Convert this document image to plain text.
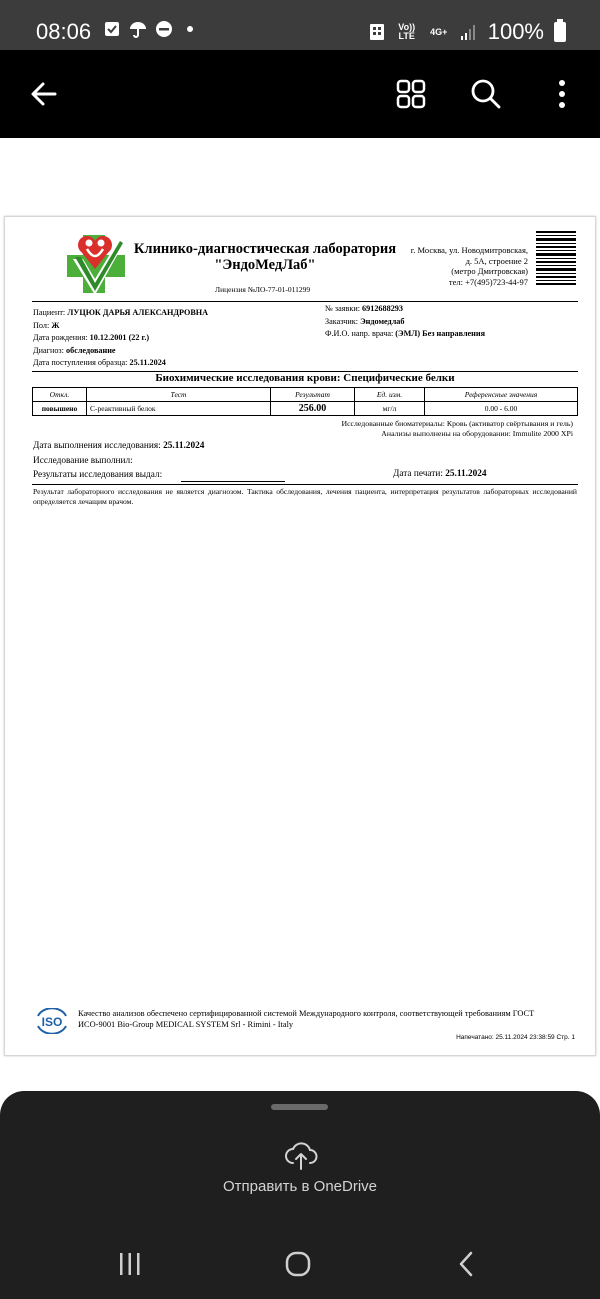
08:06	Vo)) LTE	4G+ 100%
Клинико-диагностическая лаборатория
"ЭндоМедЛаб"
Лицензия №ЛО-77-01-011299
г. Москва, ул. Новодмитровская,
д. 5А, строение 2
(метро Дмитровская)
тел: +7(495)723-44-97
Пациент: ЛУЦЮК ДАРЬЯ АЛЕКСАНДРОВНА
Пол: Ж
Дата рождения: 10.12.2001 (22 г.)
Диагноз: обследование
Дата поступления образца: 25.11.2024
№ заявки: 6912688293
Заказчик: Эндомедлаб
Ф.И.О. напр. врача: (ЭМЛ) Без направления
Биохимические исследования крови: Специфические белки
Откл.	Тест	Результат	Ед. изм.	Референсные значения
повышено	С-реактивный белок	256.00	мг/л	0.00 - 6.00
Исследованные биоматериалы: Кровь (активатор свёртывания и гель)
Анализы выполнены на оборудовании: Immulite 2000 XPi
Дата выполнения исследования: 25.11.2024
Исследование выполнил:
Результаты исследования выдал:	Дата печати: 25.11.2024
Результат лабораторного исследования не является диагнозом. Тактика обследования, лечения пациента, интерпретация результатов лабораторных исследований определяется лечащим врачом.
ISO
Качество анализов обеспечено сертифицированной системой Международного контроля, соответствующей требованиям ГОСТ ИСО-9001 Bio-Group MEDICAL SYSTEM Srl - Rimini - Italy
Напечатано: 25.11.2024 23:38:59 Стр. 1
Отправить в OneDrive
